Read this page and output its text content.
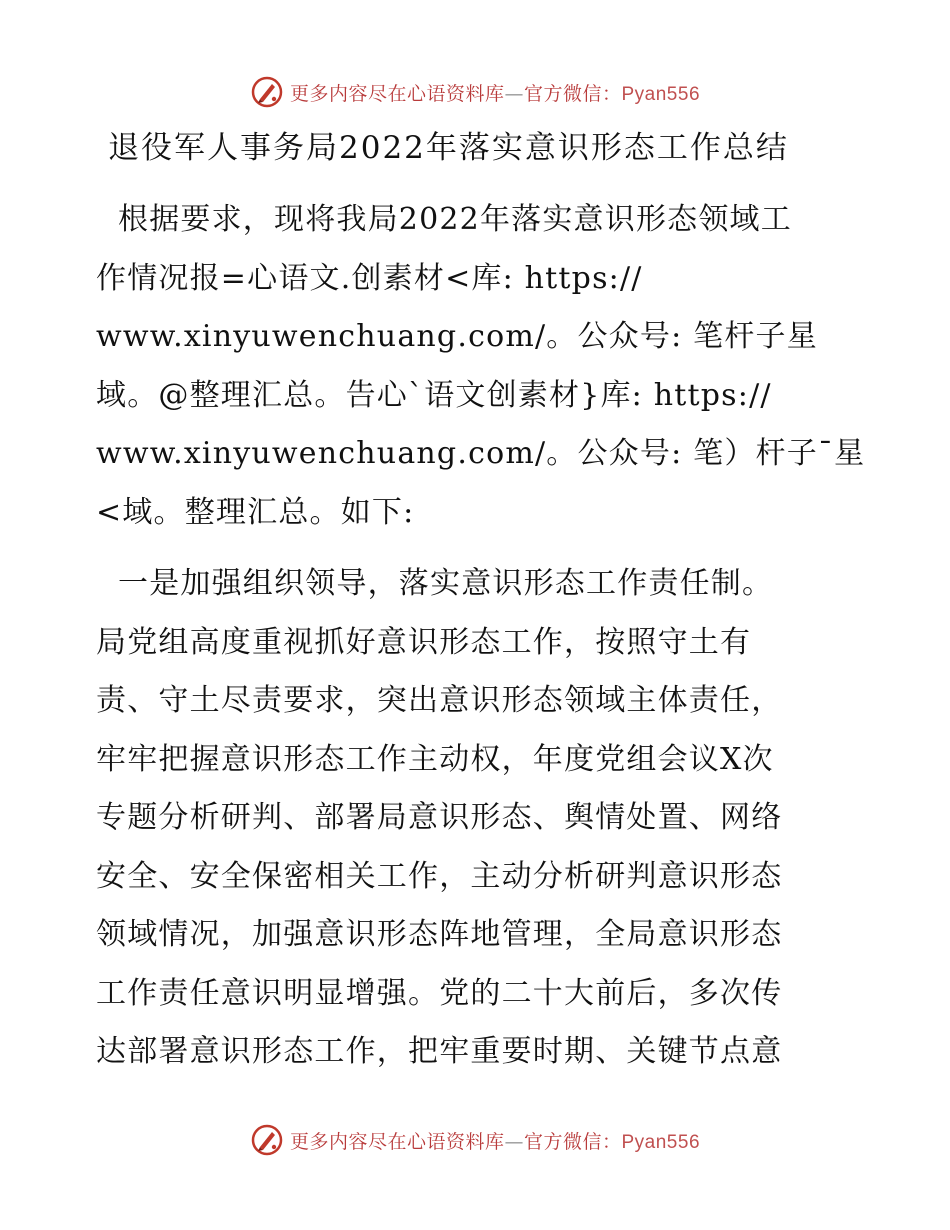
更多内容尽在心语资料库—官方微信：Pyan556
退役军人事务局2022年落实意识形态工作总结
根据要求，现将我局2022年落实意识形态领域工
作情况报=心语文.创素材<库: https://
www.xinyuwenchuang.com/。公众号: 笔杆子星
域。@整理汇总。告心`语文创素材}库: https://
www.xinyuwenchuang.com/。公众号: 笔）杆子¯星
<域。整理汇总。如下:
一是加强组织领导，落实意识形态工作责任制。
局党组高度重视抓好意识形态工作，按照守土有
责、守土尽责要求，突出意识形态领域主体责任，
牢牢把握意识形态工作主动权，年度党组会议X次
专题分析研判、部署局意识形态、舆情处置、网络
安全、安全保密相关工作，主动分析研判意识形态
领域情况，加强意识形态阵地管理，全局意识形态
工作责任意识明显增强。党的二十大前后，多次传
达部署意识形态工作，把牢重要时期、关键节点意
更多内容尽在心语资料库—官方微信：Pyan556
